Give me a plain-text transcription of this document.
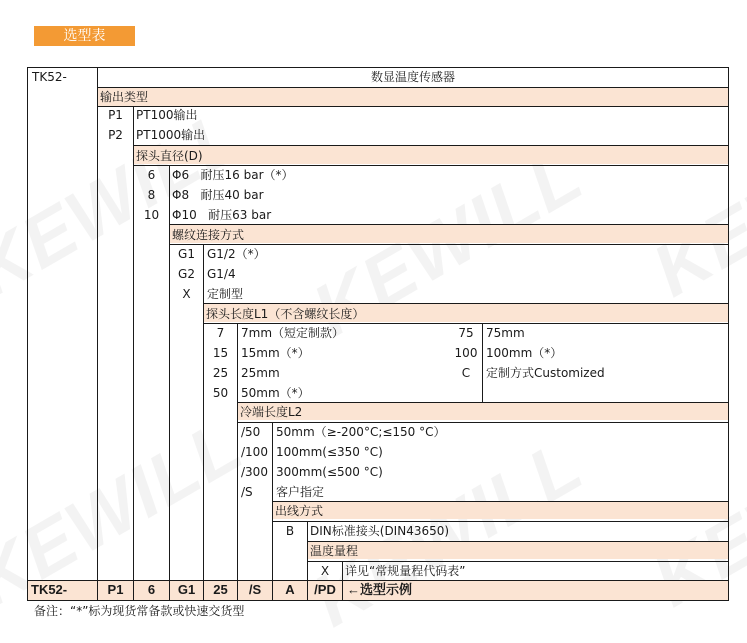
选型表
TK52-	数显温度传感器
输出类型
P1	PT100输出
P2	PT1000输出
探头直径(D)
6	Φ6   耐压16 bar（*）
8	Φ8   耐压40 bar
10	Φ10   耐压63 bar
螺纹连接方式
G1	G1/2（*）
G2	G1/4
X	定制型
探头长度L1（不含螺纹长度）
7	7mm（短定制款）
15	15mm（*）
25	25mm
50	50mm（*）
75	75mm
100 100mm（*）
C	定制方式Customized
冷端长度L2
/50 50mm（≥-200°C;≤150 °C）
/100 100mm(≤350 °C)
/300 300mm(≤500 °C)
/S 客户指定
出线方式
B	DIN标准接头(DIN43650)
温度量程
X	详见“常规量程代码表”
TK52-	P1	6	G1	25	/S	A	/PD ←选型示例
备注：“*”标为现货常备款或快速交货型
